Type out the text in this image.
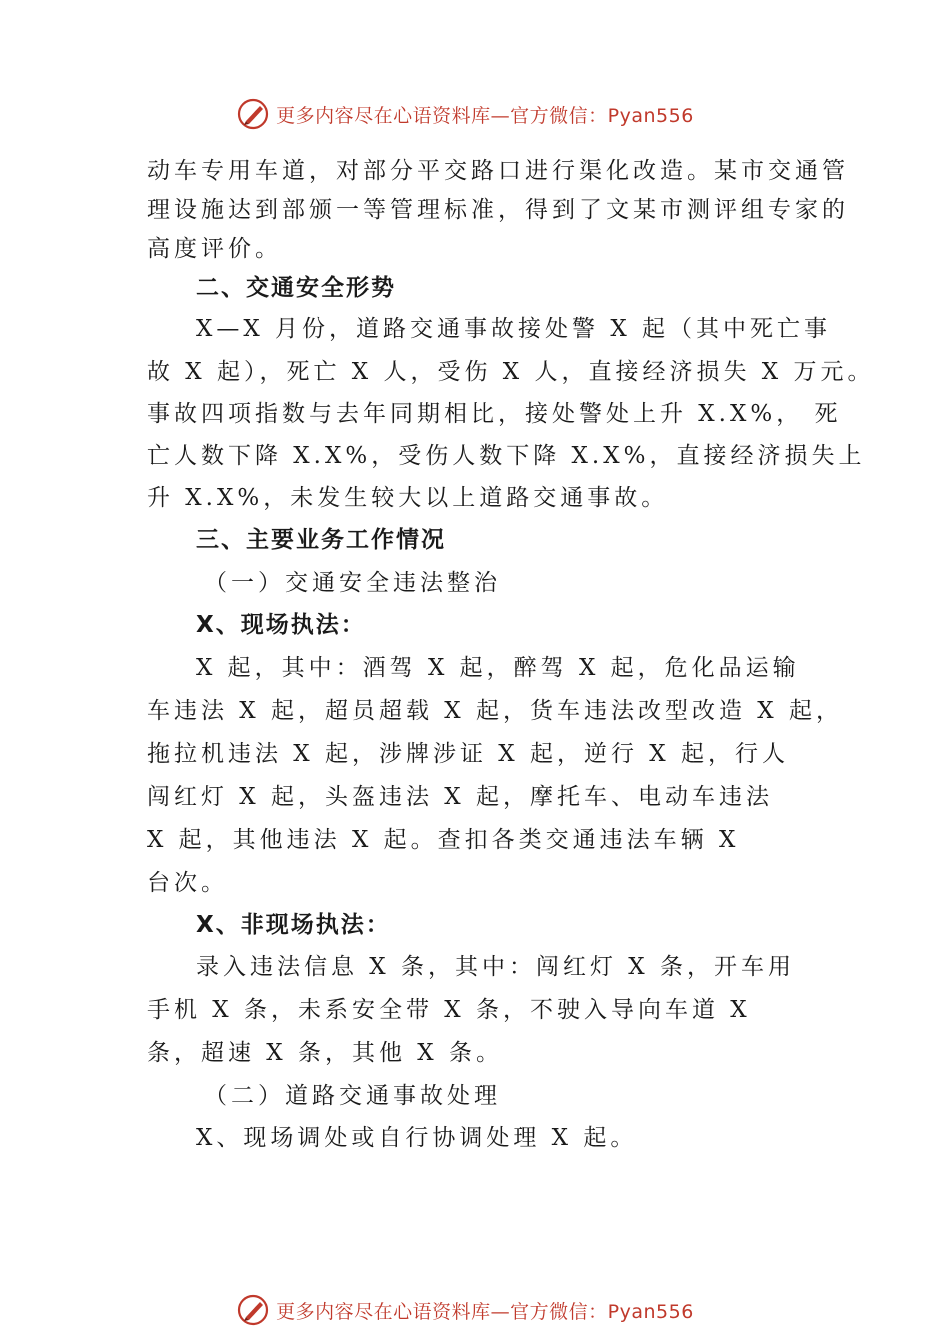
更多内容尽在心语资料库—官方微信：Pyan556
动车专用车道，对部分平交路口进行渠化改造。某市交通管
理设施达到部颁一等管理标准，得到了文某市测评组专家的
高度评价。
二、交通安全形势
X—X 月份，道路交通事故接处警 X 起（其中死亡事
故 X 起），死亡 X 人，受伤 X 人，直接经济损失 X 万元。
事故四项指数与去年同期相比，接处警处上升 X.X%， 死
亡人数下降 X.X%，受伤人数下降 X.X%，直接经济损失上
升 X.X%，未发生较大以上道路交通事故。
三、主要业务工作情况
（一）交通安全违法整治
X、现场执法：
X 起，其中：酒驾 X 起，醉驾 X 起，危化品运输
车违法 X 起，超员超载 X 起，货车违法改型改造 X 起，
拖拉机违法 X 起，涉牌涉证 X 起，逆行 X 起，行人
闯红灯 X 起，头盔违法 X 起，摩托车、电动车违法
X 起，其他违法 X 起。查扣各类交通违法车辆 X
台次。
X、非现场执法：
录入违法信息 X 条，其中：闯红灯 X 条，开车用
手机 X 条，未系安全带 X 条，不驶入导向车道 X
条，超速 X 条，其他 X 条。
（二）道路交通事故处理
X、现场调处或自行协调处理 X 起。
更多内容尽在心语资料库—官方微信：Pyan556
